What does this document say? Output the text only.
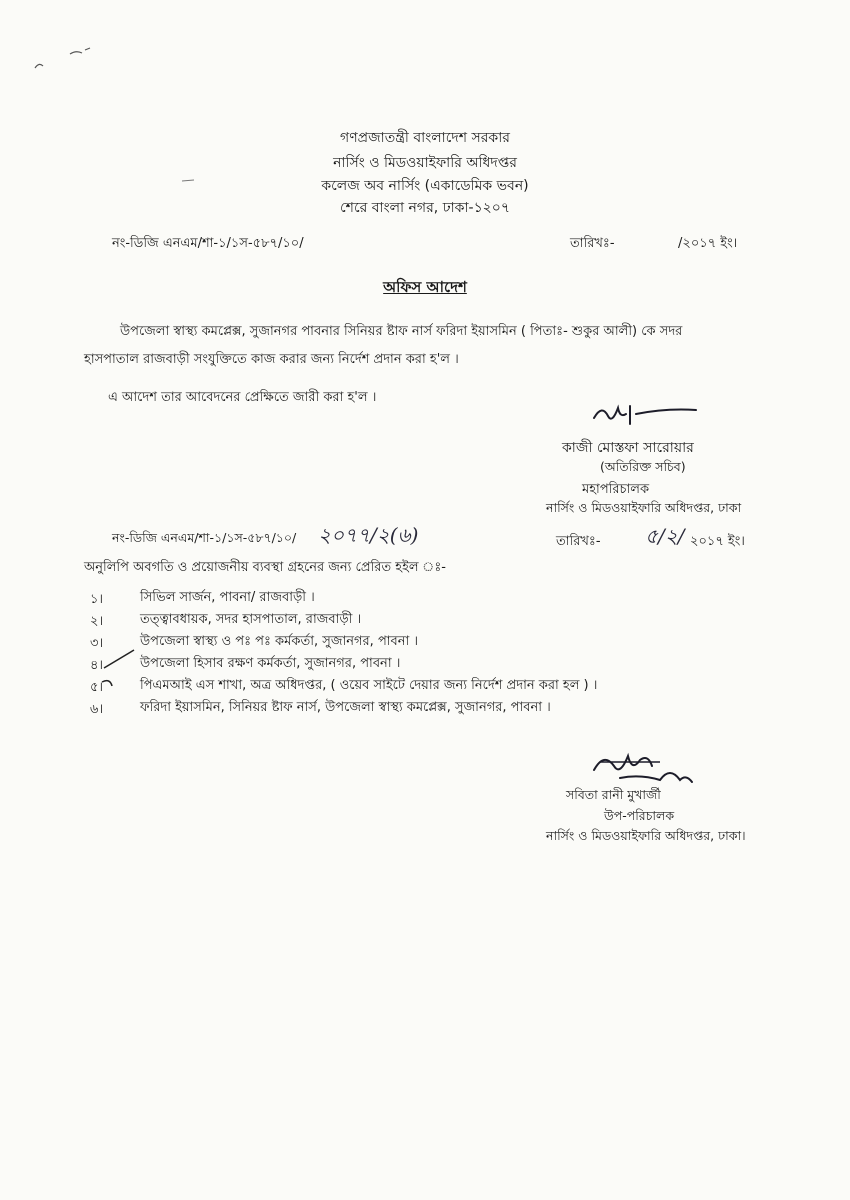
গণপ্রজাতন্ত্রী বাংলাদেশ সরকার
নার্সিং ও মিডওয়াইফারি অধিদপ্তর
কলেজ অব নার্সিং (একাডেমিক ভবন)
শেরে বাংলা নগর, ঢাকা-১২০৭
নং-ডিজি এনএম/শা-১/১স-৫৮৭/১০/	তারিখঃ-	/২০১৭ ইং।
অফিস আদেশ
উপজেলা স্বাস্থ্য কমপ্লেক্স, সুজানগর পাবনার সিনিয়র ষ্টাফ নার্স ফরিদা ইয়াসমিন ( পিতাঃ- শুকুর আলী) কে সদর
হাসপাতাল রাজবাড়ী সংযুক্তিতে কাজ করার জন্য নির্দেশ প্রদান করা হ'ল ।
এ আদেশ তার আবেদনের প্রেক্ষিতে জারী করা হ'ল ।
কাজী মোস্তফা সারোয়ার
(অতিরিক্ত সচিব)
মহাপরিচালক
নার্সিং ও মিডওয়াইফারি অধিদপ্তর, ঢাকা
নং-ডিজি এনএম/শা-১/১স-৫৮৭/১০/ ২০৭৭/২(৬)	তারিখঃ- ৫/২/ ২০১৭ ইং।
অনুলিপি অবগতি ও প্রয়োজনীয় ব্যবস্থা গ্রহনের জন্য প্রেরিত হইল ঃ-
১।	সিভিল সার্জন, পাবনা/ রাজবাড়ী ।
২।	তত্ত্বাবধায়ক, সদর হাসপাতাল, রাজবাড়ী ।
৩।	উপজেলা স্বাস্থ্য ও পঃ পঃ কর্মকর্তা, সুজানগর, পাবনা ।
৪।	উপজেলা হিসাব রক্ষণ কর্মকর্তা, সুজানগর, পাবনা ।
৫।	পিএমআই এস শাখা, অত্র অধিদপ্তর, ( ওয়েব সাইটে দেয়ার জন্য নির্দেশ প্রদান করা হল ) ।
৬।	ফরিদা ইয়াসমিন, সিনিয়র ষ্টাফ নার্স, উপজেলা স্বাস্থ্য কমপ্লেক্স, সুজানগর, পাবনা ।
সবিতা রানী মুখার্জী
উপ-পরিচালক
নার্সিং ও মিডওয়াইফারি অধিদপ্তর, ঢাকা।
